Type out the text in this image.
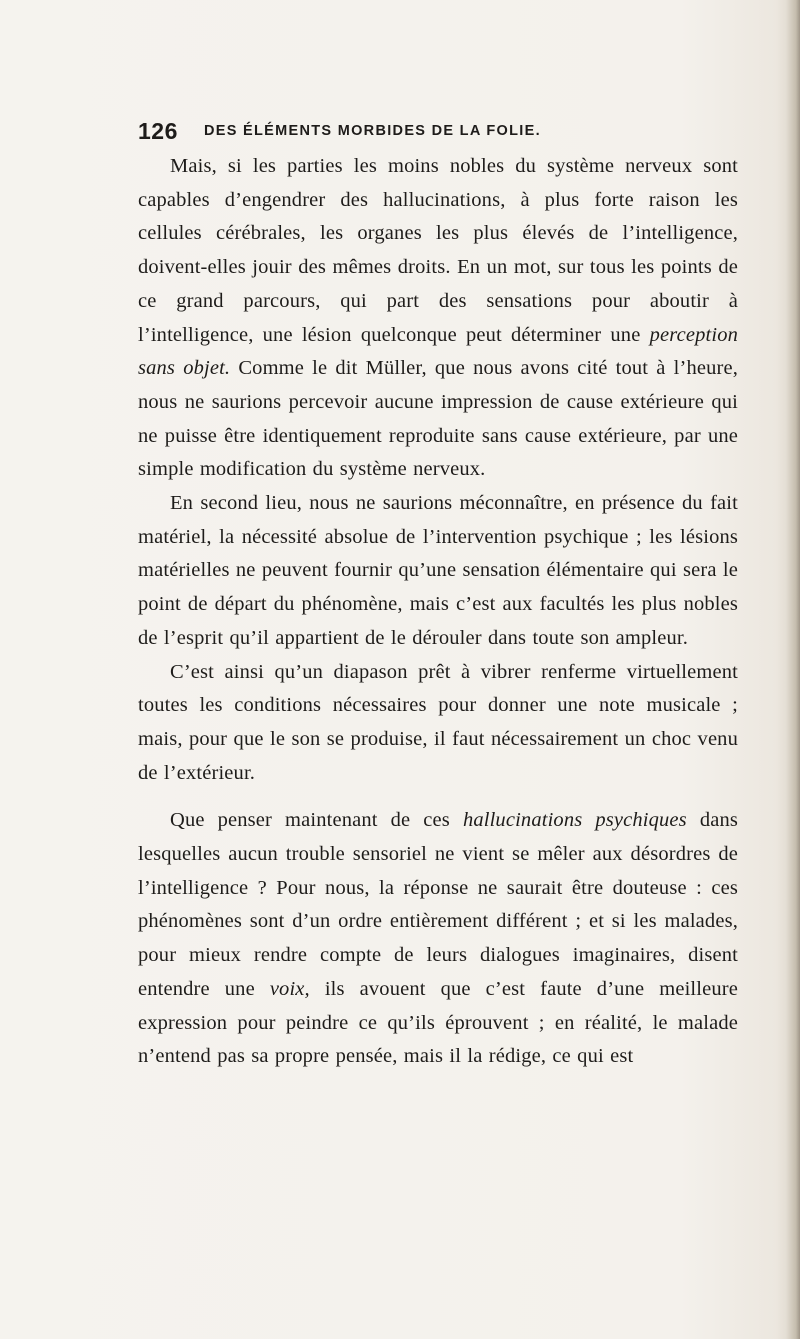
126 DES ÉLÉMENTS MORBIDES DE LA FOLIE.

Mais, si les parties les moins nobles du système nerveux sont capables d’engendrer des hallucinations, à plus forte raison les cellules cérébrales, les organes les plus élevés de l’intelligence, doivent-elles jouir des mêmes droits. En un mot, sur tous les points de ce grand parcours, qui part des sensations pour aboutir à l’intelligence, une lésion quelconque peut déterminer une perception sans objet. Comme le dit Müller, que nous avons cité tout à l’heure, nous ne saurions percevoir aucune impression de cause extérieure qui ne puisse être identiquement reproduite sans cause extérieure, par une simple modification du système nerveux.

En second lieu, nous ne saurions méconnaître, en présence du fait matériel, la nécessité absolue de l’intervention psychique ; les lésions matérielles ne peuvent fournir qu’une sensation élémentaire qui sera le point de départ du phénomène, mais c’est aux facultés les plus nobles de l’esprit qu’il appartient de le dérouler dans toute son ampleur.

C’est ainsi qu’un diapason prêt à vibrer renferme virtuellement toutes les conditions nécessaires pour donner une note musicale ; mais, pour que le son se produise, il faut nécessairement un choc venu de l’extérieur.

Que penser maintenant de ces hallucinations psychiques dans lesquelles aucun trouble sensoriel ne vient se mêler aux désordres de l’intelligence ? Pour nous, la réponse ne saurait être douteuse : ces phénomènes sont d’un ordre entièrement différent ; et si les malades, pour mieux rendre compte de leurs dialogues imaginaires, disent entendre une voix, ils avouent que c’est faute d’une meilleure expression pour peindre ce qu’ils éprouvent ; en réalité, le malade n’entend pas sa propre pensée, mais il la rédige, ce qui est
